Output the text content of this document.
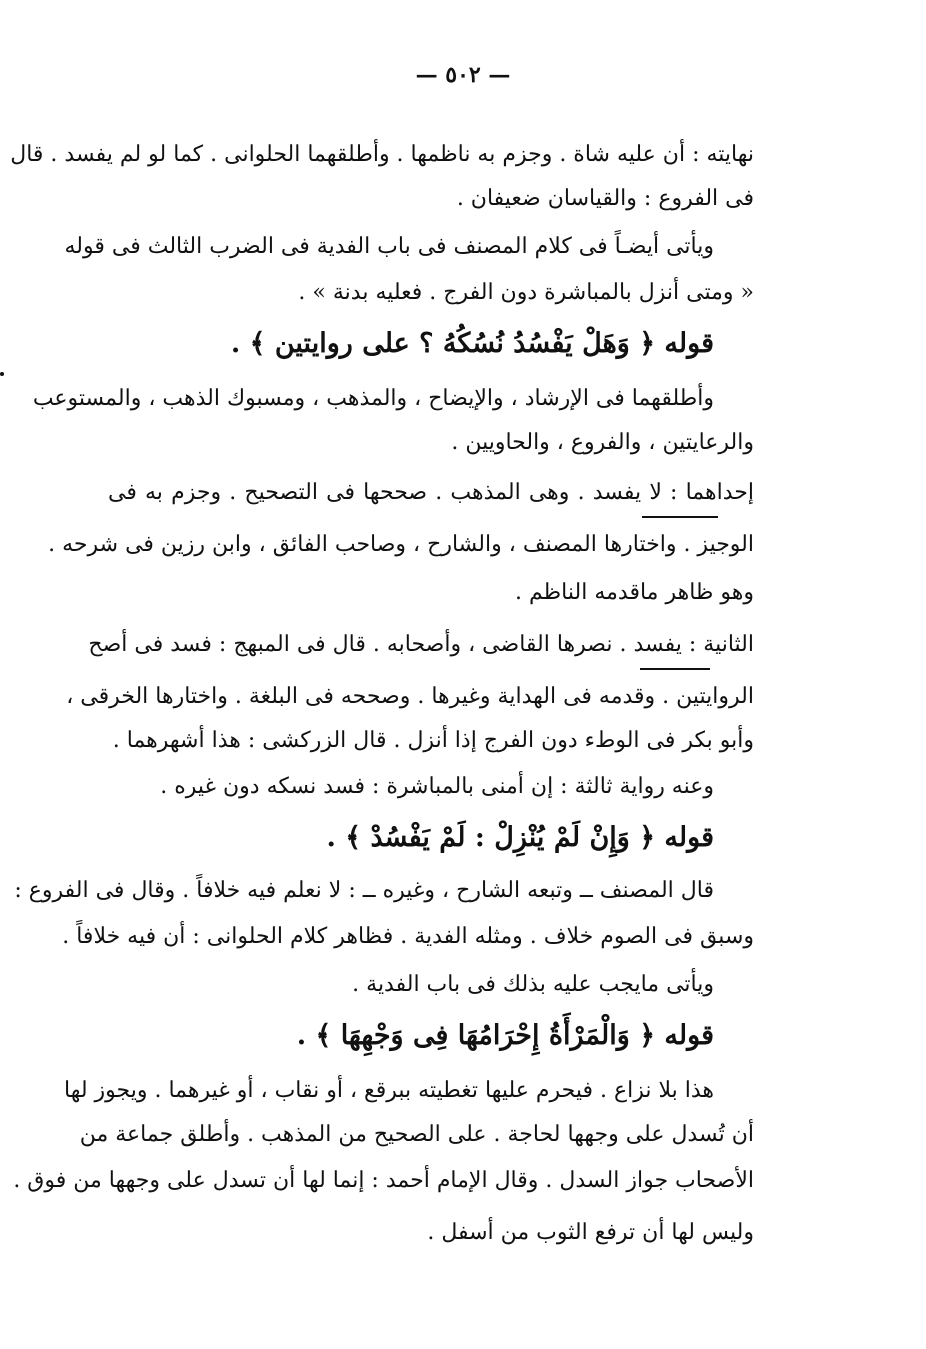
— ٥٠٢ —
نهايته : أن عليه شاة . وجزم به ناظمها . وأطلقهما الحلوانى . كما لو لم يفسد . قال
فى الفروع : والقياسان ضعيفان .
ويأتى أيضـاً فى كلام المصنف فى باب الفدية فى الضرب الثالث فى قوله
« ومتى أنزل بالمباشرة دون الفرج . فعليه بدنة » .
قوله ﴿ وَهَلْ يَفْسُدُ نُسُكُهُ ؟ على روايتين ﴾ .
وأطلقهما فى الإرشاد ، والإيضاح ، والمذهب ، ومسبوك الذهب ، والمستوعب
والرعايتين ، والفروع ، والحاويين .
إحداهما : لا يفسد . وهى المذهب . صححها فى التصحيح . وجزم به فى
الوجيز . واختارها المصنف ، والشارح ، وصاحب الفائق ، وابن رزين فى شرحه .
وهو ظاهر ماقدمه الناظم .
الثانية : يفسد . نصرها القاضى ، وأصحابه . قال فى المبهج : فسد فى أصح
الروايتين . وقدمه فى الهداية وغيرها . وصححه فى البلغة . واختارها الخرقى ،
وأبو بكر فى الوطء دون الفرج إذا أنزل . قال الزركشى : هذا أشهرهما .
وعنه رواية ثالثة : إن أمنى بالمباشرة : فسد نسكه دون غيره .
قوله ﴿ وَإِنْ لَمْ يُنْزِلْ : لَمْ يَفْسُدْ ﴾ .
قال المصنف ــ وتبعه الشارح ، وغيره ــ : لا نعلم فيه خلافاً . وقال فى الفروع :
وسبق فى الصوم خلاف . ومثله الفدية . فظاهر كلام الحلوانى : أن فيه خلافاً .
ويأتى مايجب عليه بذلك فى باب الفدية .
قوله ﴿ وَالْمَرْأَةُ إِحْرَامُهَا فِى وَجْهِهَا ﴾ .
هذا بلا نزاع . فيحرم عليها تغطيته ببرقع ، أو نقاب ، أو غيرهما . ويجوز لها
أن تُسدل على وجهها لحاجة . على الصحيح من المذهب . وأطلق جماعة من
الأصحاب جواز السدل . وقال الإمام أحمد : إنما لها أن تسدل على وجهها من فوق .
وليس لها أن ترفع الثوب من أسفل .
